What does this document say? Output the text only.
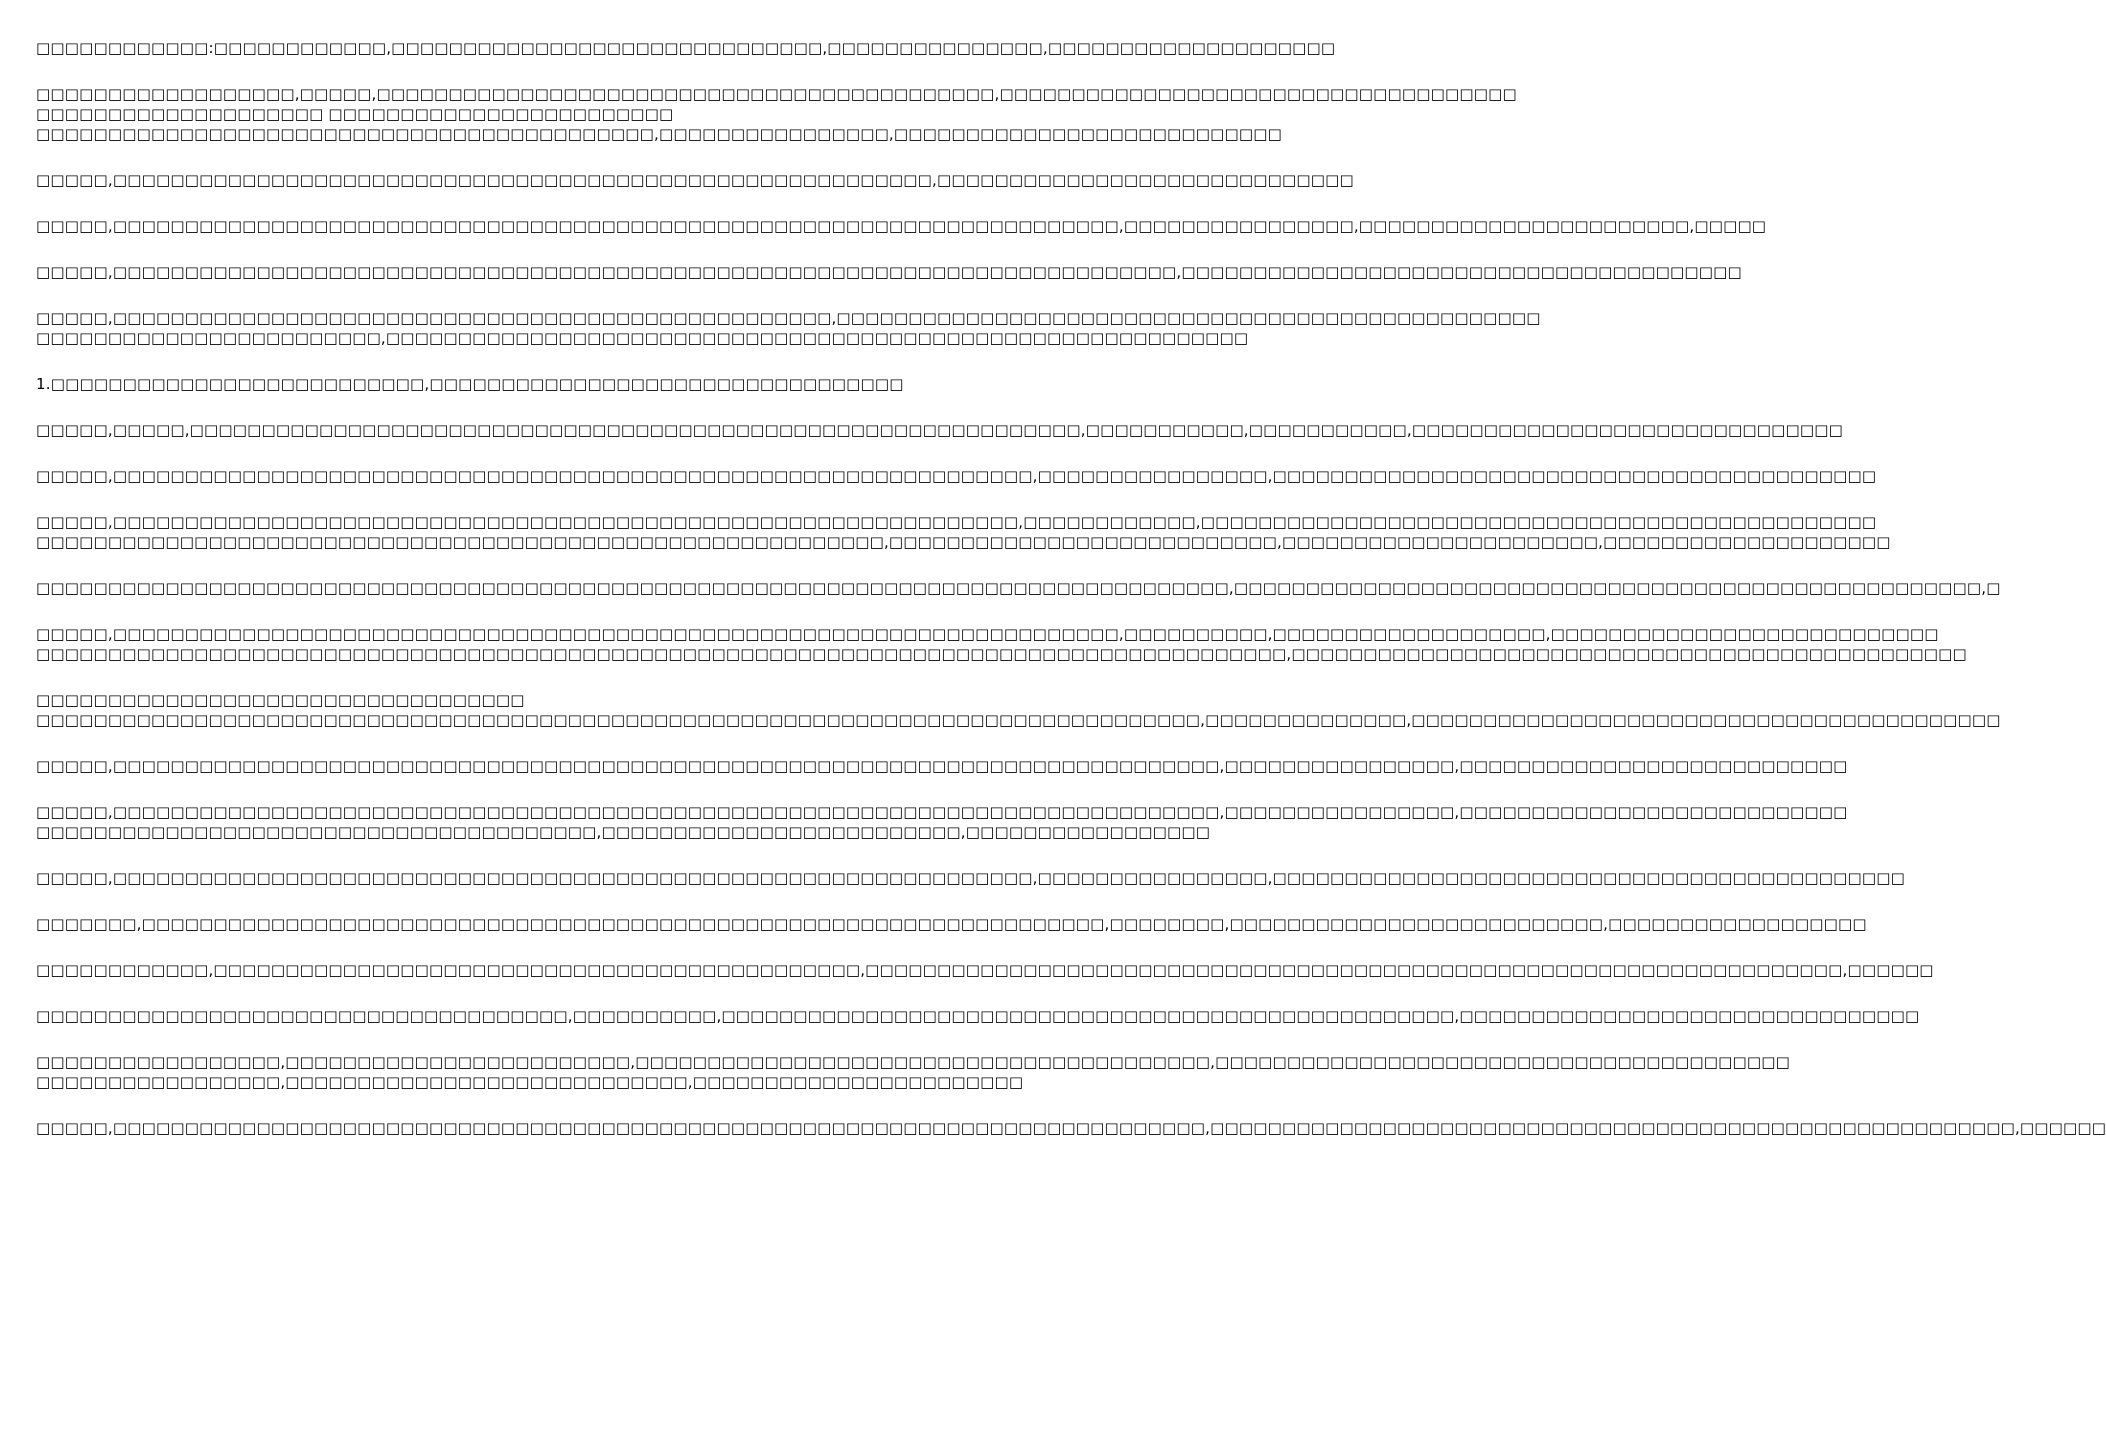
□□□□□□□□□□□□:□□□□□□□□□□□□,□□□□□□□□□□□□□□□□□□□□□□□□□□□□□□,□□□□□□□□□□□□□□□,□□□□□□□□□□□□□□□□□□□□
□□□□□□□□□□□□□□□□□□,□□□□□,□□□□□□□□□□□□□□□□□□□□□□□□□□□□□□□□□□□□□□□□□□□,□□□□□□□□□□□□□□□□□□□□□□□□□□□□□□□□□□□□
□□□□□□□□□□□□□□□□□□□□ □□□□□□□□□□□□□□□□□□□□□□□□
□□□□□□□□□□□□□□□□□□□□□□□□□□□□□□□□□□□□□□□□□□□,□□□□□□□□□□□□□□□□,□□□□□□□□□□□□□□□□□□□□□□□□□□□
□□□□□,□□□□□□□□□□□□□□□□□□□□□□□□□□□□□□□□□□□□□□□□□□□□□□□□□□□□□□□□□,□□□□□□□□□□□□□□□□□□□□□□□□□□□□□
□□□□□,□□□□□□□□□□□□□□□□□□□□□□□□□□□□□□□□□□□□□□□□□□□□□□□□□□□□□□□□□□□□□□□□□□□□□□,□□□□□□□□□□□□□□□□,□□□□□□□□□□□□□□□□□□□□□□□,□□□□□
□□□□□,□□□□□□□□□□□□□□□□□□□□□□□□□□□□□□□□□□□□□□□□□□□□□□□□□□□□□□□□□□□□□□□□□□□□□□□□□□,□□□□□□□□□□□□□□□□□□□□□□□□□□□□□□□□□□□□□□□
□□□□□,□□□□□□□□□□□□□□□□□□□□□□□□□□□□□□□□□□□□□□□□□□□□□□□□□□,□□□□□□□□□□□□□□□□□□□□□□□□□□□□□□□□□□□□□□□□□□□□□□□□□
□□□□□□□□□□□□□□□□□□□□□□□□,□□□□□□□□□□□□□□□□□□□□□□□□□□□□□□□□□□□□□□□□□□□□□□□□□□□□□□□□□□□□
1.□□□□□□□□□□□□□□□□□□□□□□□□□□,□□□□□□□□□□□□□□□□□□□□□□□□□□□□□□□□□
□□□□□,□□□□□,□□□□□□□□□□□□□□□□□□□□□□□□□□□□□□□□□□□□□□□□□□□□□□□□□□□□□□□□□□□□□□,□□□□□□□□□□□,□□□□□□□□□□□,□□□□□□□□□□□□□□□□□□□□□□□□□□□□□□
□□□□□,□□□□□□□□□□□□□□□□□□□□□□□□□□□□□□□□□□□□□□□□□□□□□□□□□□□□□□□□□□□□□□□□,□□□□□□□□□□□□□□□□,□□□□□□□□□□□□□□□□□□□□□□□□□□□□□□□□□□□□□□□□□□
□□□□□,□□□□□□□□□□□□□□□□□□□□□□□□□□□□□□□□□□□□□□□□□□□□□□□□□□□□□□□□□□□□□□□,□□□□□□□□□□□□,□□□□□□□□□□□□□□□□□□□□□□□□□□□□□□□□□□□□□□□□□□□□□□□
□□□□□□□□□□□□□□□□□□□□□□□□□□□□□□□□□□□□□□□□□□□□□□□□□□□□□□□□□□□,□□□□□□□□□□□□□□□□□□□□□□□□□□□,□□□□□□□□□□□□□□□□□□□□□□,□□□□□□□□□□□□□□□□□□□□
□□□□□□□□□□□□□□□□□□□□□□□□□□□□□□□□□□□□□□□□□□□□□□□□□□□□□□□□□□□□□□□□□□□□□□□□□□□□□□□□□□□,□□□□□□□□□□□□□□□□□□□□□□□□□□□□□□□□□□□□□□□□□□□□□□□□□□□□,□
□□□□□,□□□□□□□□□□□□□□□□□□□□□□□□□□□□□□□□□□□□□□□□□□□□□□□□□□□□□□□□□□□□□□□□□□□□□□,□□□□□□□□□□,□□□□□□□□□□□□□□□□□□□,□□□□□□□□□□□□□□□□□□□□□□□□□□□
□□□□□□□□□□□□□□□□□□□□□□□□□□□□□□□□□□□□□□□□□□□□□□□□□□□□□□□□□□□□□□□□□□□□□□□□□□□□□□□□□□□□□□□,□□□□□□□□□□□□□□□□□□□□□□□□□□□□□□□□□□□□□□□□□□□□□□□
□□□□□□□□□□□□□□□□□□□□□□□□□□□□□□□□□□
□□□□□□□□□□□□□□□□□□□□□□□□□□□□□□□□□□□□□□□□□□□□□□□□□□□□□□□□□□□□□□□□□□□□□□□□□□□□□□□□□,□□□□□□□□□□□□□□,□□□□□□□□□□□□□□□□□□□□□□□□□□□□□□□□□□□□□□□□□
□□□□□,□□□□□□□□□□□□□□□□□□□□□□□□□□□□□□□□□□□□□□□□□□□□□□□□□□□□□□□□□□□□□□□□□□□□□□□□□□□□□,□□□□□□□□□□□□□□□□,□□□□□□□□□□□□□□□□□□□□□□□□□□□
□□□□□,□□□□□□□□□□□□□□□□□□□□□□□□□□□□□□□□□□□□□□□□□□□□□□□□□□□□□□□□□□□□□□□□□□□□□□□□□□□□□,□□□□□□□□□□□□□□□□,□□□□□□□□□□□□□□□□□□□□□□□□□□□
□□□□□□□□□□□□□□□□□□□□□□□□□□□□□□□□□□□□□□□,□□□□□□□□□□□□□□□□□□□□□□□□□,□□□□□□□□□□□□□□□□□
□□□□□,□□□□□□□□□□□□□□□□□□□□□□□□□□□□□□□□□□□□□□□□□□□□□□□□□□□□□□□□□□□□□□□□,□□□□□□□□□□□□□□□□,□□□□□□□□□□□□□□□□□□□□□□□□□□□□□□□□□□□□□□□□□□□□
□□□□□□□,□□□□□□□□□□□□□□□□□□□□□□□□□□□□□□□□□□□□□□□□□□□□□□□□□□□□□□□□□□□□□□□□□□□,□□□□□□□□,□□□□□□□□□□□□□□□□□□□□□□□□□□,□□□□□□□□□□□□□□□□□□
□□□□□□□□□□□□,□□□□□□□□□□□□□□□□□□□□□□□□□□□□□□□□□□□□□□□□□□□□□,□□□□□□□□□□□□□□□□□□□□□□□□□□□□□□□□□□□□□□□□□□□□□□□□□□□□□□□□□□□□□□□□□□□□,□□□□□□
□□□□□□□□□□□□□□□□□□□□□□□□□□□□□□□□□□□□□,□□□□□□□□□□,□□□□□□□□□□□□□□□□□□□□□□□□□□□□□□□□□□□□□□□□□□□□□□□□□□□,□□□□□□□□□□□□□□□□□□□□□□□□□□□□□□□□
□□□□□□□□□□□□□□□□□,□□□□□□□□□□□□□□□□□□□□□□□□,□□□□□□□□□□□□□□□□□□□□□□□□□□□□□□□□□□□□□□□□,□□□□□□□□□□□□□□□□□□□□□□□□□□□□□□□□□□□□□□□□
□□□□□□□□□□□□□□□□□,□□□□□□□□□□□□□□□□□□□□□□□□□□□□,□□□□□□□□□□□□□□□□□□□□□□□
□□□□□,□□□□□□□□□□□□□□□□□□□□□□□□□□□□□□□□□□□□□□□□□□□□□□□□□□□□□□□□□□□□□□□□□□□□□□□□□□□□,□□□□□□□□□□□□□□□□□□□□□□□□□□□□□□□□□□□□□□□□□□□□□□□□□□□□□□□□,□□□□□□
